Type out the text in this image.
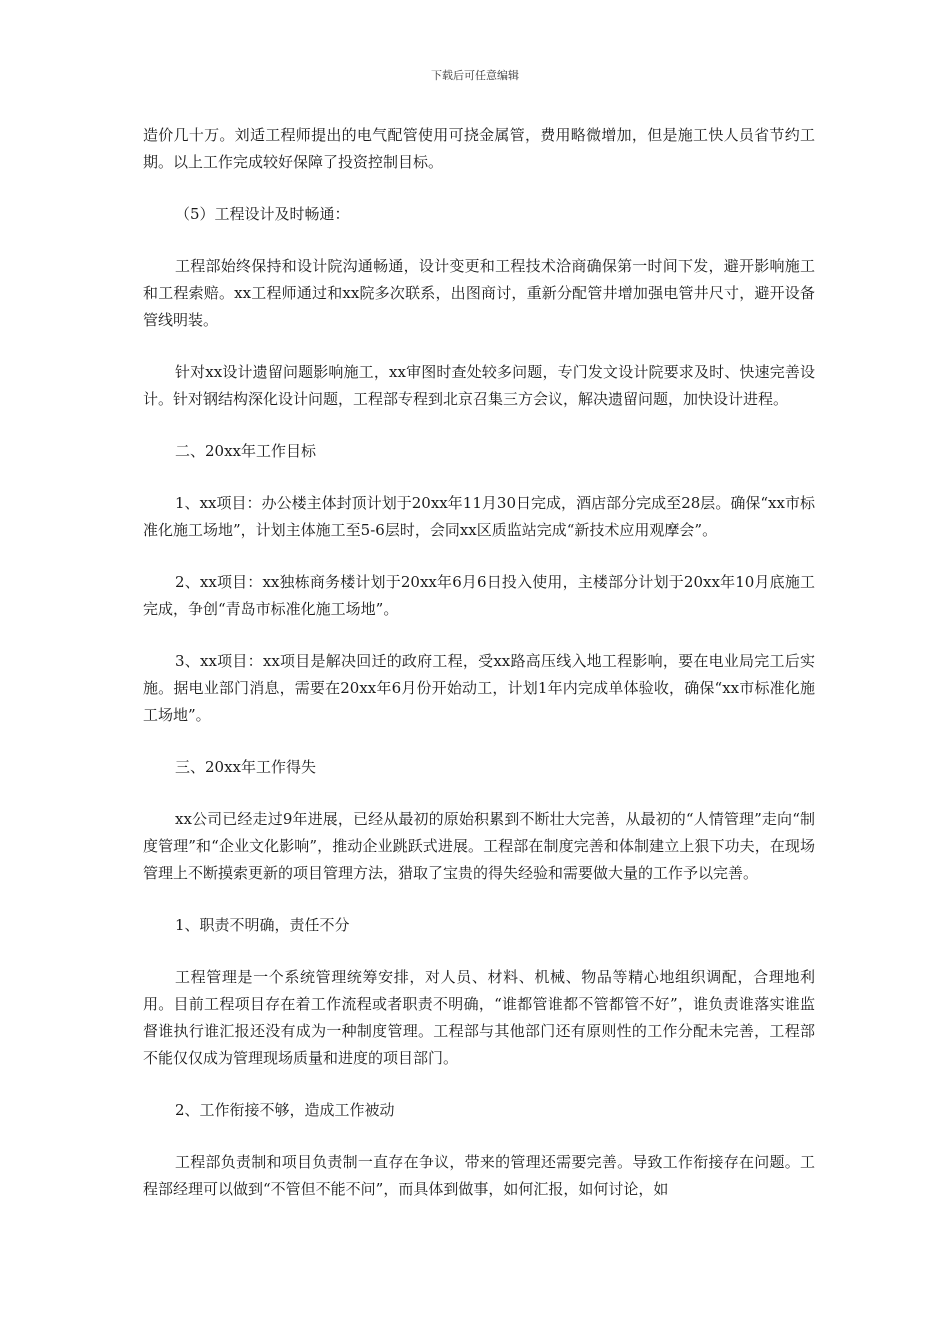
下载后可任意编辑

造价几十万。刘适工程师提出的电气配管使用可挠金属管，费用略微增加，但是施工快人员省节约工期。以上工作完成较好保障了投资控制目标。

（5）工程设计及时畅通：

工程部始终保持和设计院沟通畅通，设计变更和工程技术洽商确保第一时间下发，避开影响施工和工程索赔。xx工程师通过和xx院多次联系，出图商讨，重新分配管井增加强电管井尺寸，避开设备管线明装。

针对xx设计遗留问题影响施工，xx审图时查处较多问题，专门发文设计院要求及时、快速完善设计。针对钢结构深化设计问题，工程部专程到北京召集三方会议，解决遗留问题，加快设计进程。

二、20xx年工作目标

1、xx项目：办公楼主体封顶计划于20xx年11月30日完成，酒店部分完成至28层。确保“xx市标准化施工场地”，计划主体施工至5-6层时，会同xx区质监站完成“新技术应用观摩会”。

2、xx项目：xx独栋商务楼计划于20xx年6月6日投入使用，主楼部分计划于20xx年10月底施工完成，争创“青岛市标准化施工场地”。

3、xx项目：xx项目是解决回迁的政府工程，受xx路高压线入地工程影响，要在电业局完工后实施。据电业部门消息，需要在20xx年6月份开始动工，计划1年内完成单体验收，确保“xx市标准化施工场地”。

三、20xx年工作得失

xx公司已经走过9年进展，已经从最初的原始积累到不断壮大完善，从最初的“人情管理”走向“制度管理”和“企业文化影响”，推动企业跳跃式进展。工程部在制度完善和体制建立上狠下功夫，在现场管理上不断摸索更新的项目管理方法，猎取了宝贵的得失经验和需要做大量的工作予以完善。

1、职责不明确，责任不分

工程管理是一个系统管理统筹安排，对人员、材料、机械、物品等精心地组织调配，合理地利用。目前工程项目存在着工作流程或者职责不明确，“谁都管谁都不管都管不好”，谁负责谁落实谁监督谁执行谁汇报还没有成为一种制度管理。工程部与其他部门还有原则性的工作分配未完善，工程部不能仅仅成为管理现场质量和进度的项目部门。

2、工作衔接不够，造成工作被动

工程部负责制和项目负责制一直存在争议，带来的管理还需要完善。导致工作衔接存在问题。工程部经理可以做到“不管但不能不问”，而具体到做事，如何汇报，如何讨论，如
